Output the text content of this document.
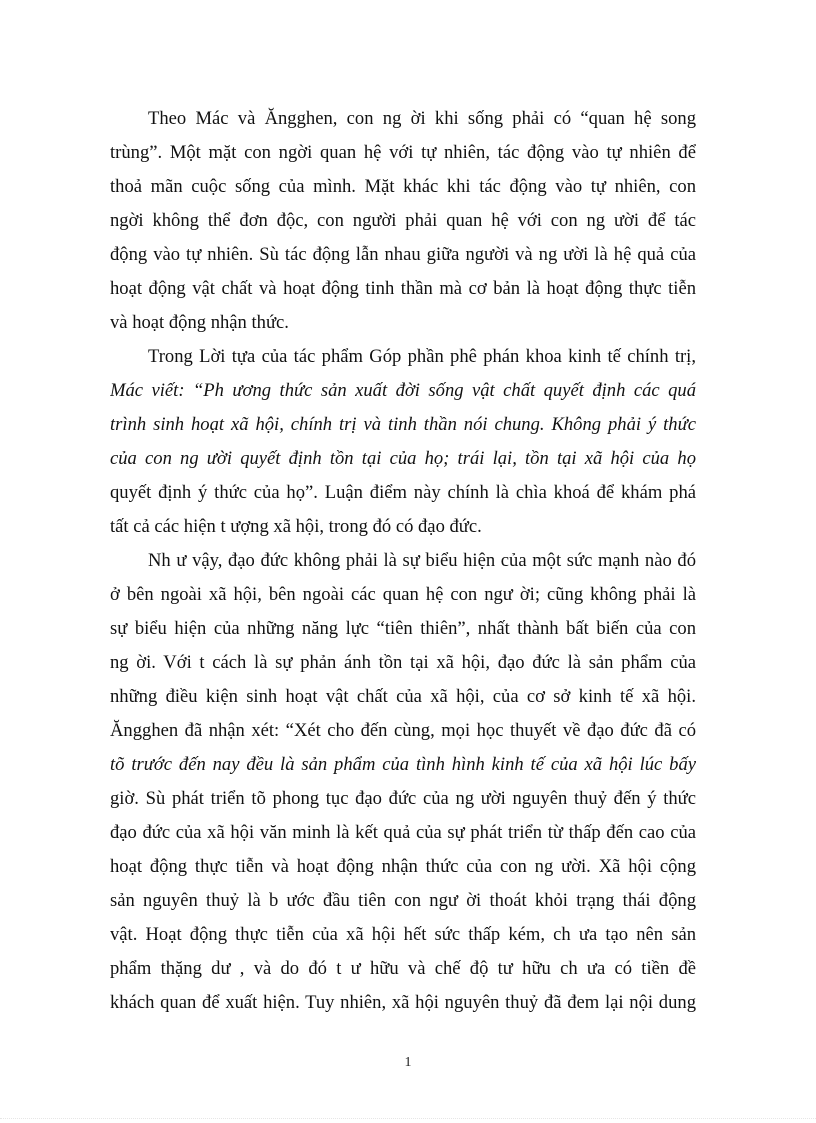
Theo Mác và Ăngghen, con ng ời khi sống phải có “quan hệ song
trùng”. Một mặt con ngời quan hệ với tự nhiên, tác động vào tự nhiên để
thoả mãn cuộc sống của mình. Mặt khác khi tác động vào tự nhiên, con
ngời không thể đơn độc, con người phải quan hệ với con ng ười để tác
động vào tự nhiên. Sù tác động lẫn nhau giữa người và ng ười là hệ quả của
hoạt động vật chất và hoạt động tinh thần mà cơ bản là hoạt động thực tiễn
và hoạt động nhận thức.
Trong Lời tựa của tác phẩm Góp phần phê phán khoa kinh tế chính trị,
Mác viết: “Ph ương thức sản xuất đời sống vật chất quyết định các quá
trình sinh hoạt xã hội, chính trị và tinh thần nói chung. Không phải ý thức
của con ng ười quyết định tồn tại của họ; trái lại, tồn tại xã hội của họ
quyết định ý thức của họ”. Luận điểm này chính là chìa khoá để khám phá
tất cả các hiện t ượng xã hội, trong đó có đạo đức.
Nh ư vậy, đạo đức không phải là sự biểu hiện của một sức mạnh nào đó
ở bên ngoài xã hội, bên ngoài các quan hệ con ngư ời; cũng không phải là
sự biểu hiện của những năng lực “tiên thiên”, nhất thành bất biến của con
ng ời. Với t cách là sự phản ánh tồn tại xã hội, đạo đức là sản phẩm của
những điều kiện sinh hoạt vật chất của xã hội, của cơ sở kinh tế xã hội.
Ăngghen đã nhận xét: “Xét cho đến cùng, mọi học thuyết về đạo đức đã có
tõ trước đến nay đều là sản phẩm của tình hình kinh tế của xã hội lúc bấy
giờ. Sù phát triển tõ phong tục đạo đức của ng ười nguyên thuỷ đến ý thức
đạo đức của xã hội văn minh là kết quả của sự phát triển từ thấp đến cao của
hoạt động thực tiễn và hoạt động nhận thức của con ng ười. Xã hội cộng
sản nguyên thuỷ là b ước đầu tiên con ngư ời thoát khỏi trạng thái động
vật. Hoạt động thực tiễn của xã hội hết sức thấp kém, ch ưa tạo nên sản
phẩm thặng dư , và do đó t ư hữu và chế độ tư hữu ch ưa có tiền đề
khách quan để xuất hiện. Tuy nhiên, xã hội nguyên thuỷ đã đem lại nội dung
1
